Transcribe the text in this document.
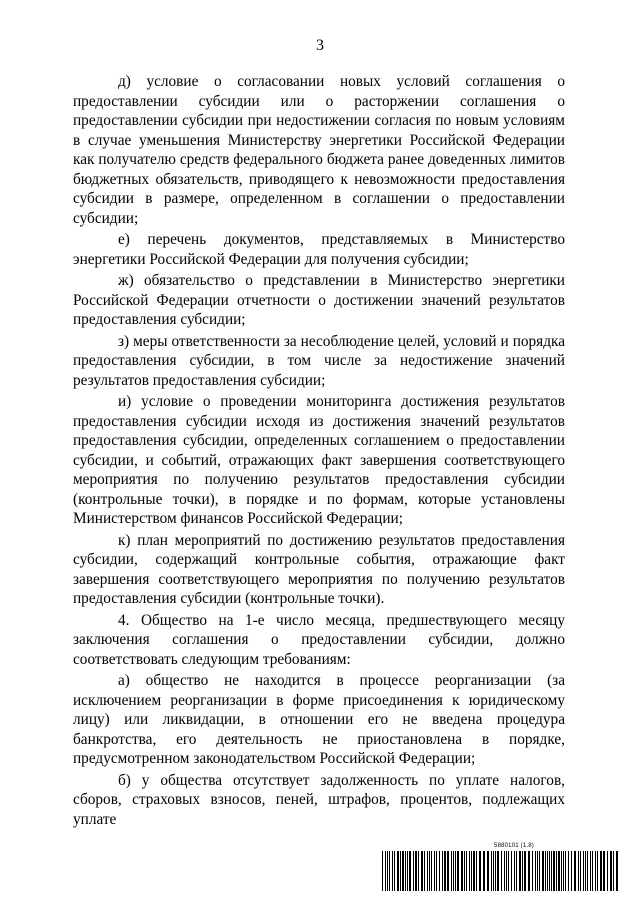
3

д) условие о согласовании новых условий соглашения о предоставлении субсидии или о расторжении соглашения о предоставлении субсидии при недостижении согласия по новым условиям в случае уменьшения Министерству энергетики Российской Федерации как получателю средств федерального бюджета ранее доведенных лимитов бюджетных обязательств, приводящего к невозможности предоставления субсидии в размере, определенном в соглашении о предоставлении субсидии;

е) перечень документов, представляемых в Министерство энергетики Российской Федерации для получения субсидии;

ж) обязательство о представлении в Министерство энергетики Российской Федерации отчетности о достижении значений результатов предоставления субсидии;

з) меры ответственности за несоблюдение целей, условий и порядка предоставления субсидии, в том числе за недостижение значений результатов предоставления субсидии;

и) условие о проведении мониторинга достижения результатов предоставления субсидии исходя из достижения значений результатов предоставления субсидии, определенных соглашением о предоставлении субсидии, и событий, отражающих факт завершения соответствующего мероприятия по получению результатов предоставления субсидии (контрольные точки), в порядке и по формам, которые установлены Министерством финансов Российской Федерации;

к) план мероприятий по достижению результатов предоставления субсидии, содержащий контрольные события, отражающие факт завершения соответствующего мероприятия по получению результатов предоставления субсидии (контрольные точки).

4. Общество на 1-е число месяца, предшествующего месяцу заключения соглашения о предоставлении субсидии, должно соответствовать следующим требованиям:

а) общество не находится в процессе реорганизации (за исключением реорганизации в форме присоединения к юридическому лицу) или ликвидации, в отношении его не введена процедура банкротства, его деятельность не приостановлена в порядке, предусмотренном законодательством Российской Федерации;

б) у общества отсутствует задолженность по уплате налогов, сборов, страховых взносов, пеней, штрафов, процентов, подлежащих уплате

5880101 (1.8)
